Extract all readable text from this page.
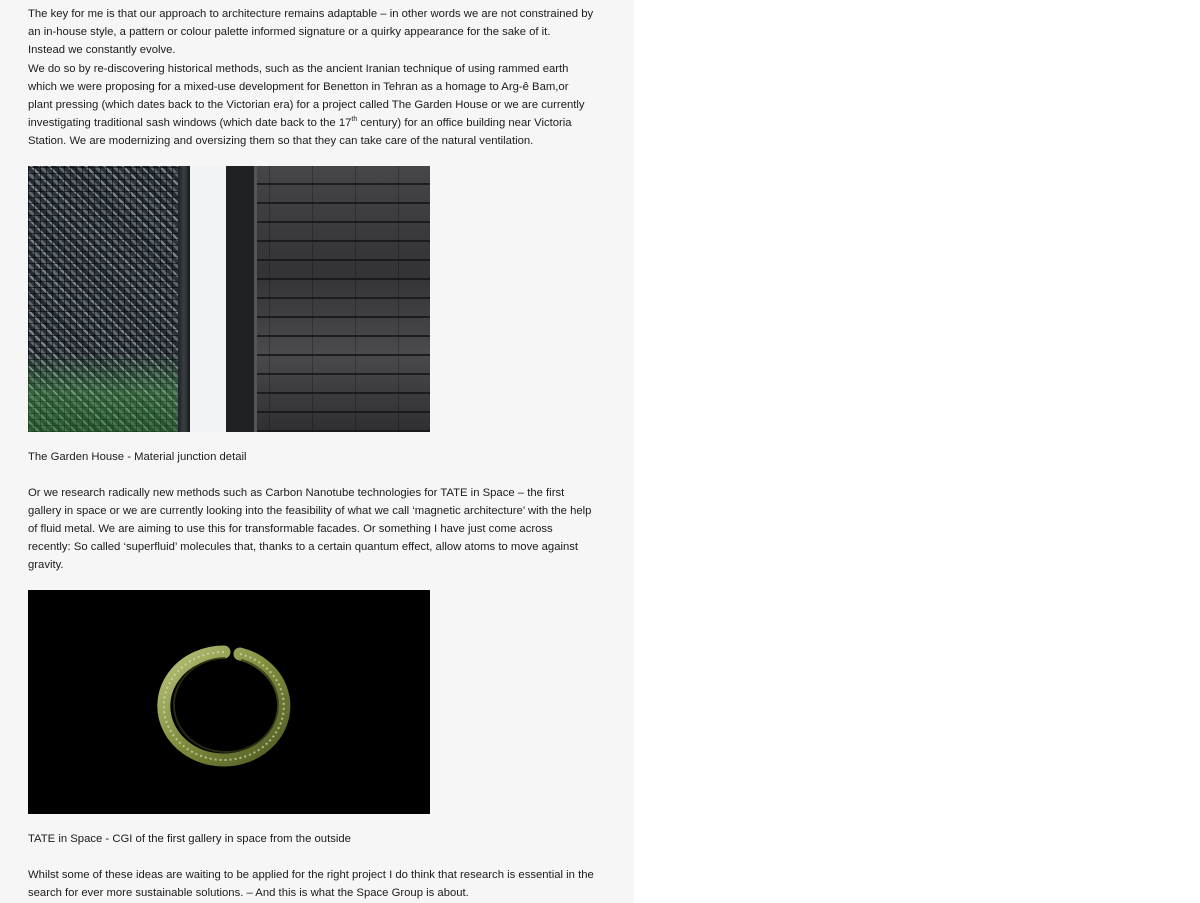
The key for me is that our approach to architecture remains adaptable – in other words we are not constrained by
an in-house style, a pattern or colour palette informed signature or a quirky appearance for the sake of it.
Instead we constantly evolve.

We do so by re-discovering historical methods, such as the ancient Iranian technique of using rammed earth
which we were proposing for a mixed-use development for Benetton in Tehran as a homage to Arg-ê Bam,or
plant pressing (which dates back to the Victorian era) for a project called The Garden House or we are currently
investigating traditional sash windows (which date back to the 17th century) for an office building near Victoria
Station. We are modernizing and oversizing them so that they can take care of the natural ventilation.

The Garden House - Material junction detail

Or we research radically new methods such as Carbon Nanotube technologies for TATE in Space – the first
gallery in space or we are currently looking into the feasibility of what we call ‘magnetic architecture’ with the help
of fluid metal. We are aiming to use this for transformable facades. Or something I have just come across
recently: So called ‘superfluid’ molecules that, thanks to a certain quantum effect, allow atoms to move against
gravity.

TATE in Space - CGI of the first gallery in space from the outside

Whilst some of these ideas are waiting to be applied for the right project I do think that research is essential in the
search for ever more sustainable solutions. – And this is what the Space Group is about.
